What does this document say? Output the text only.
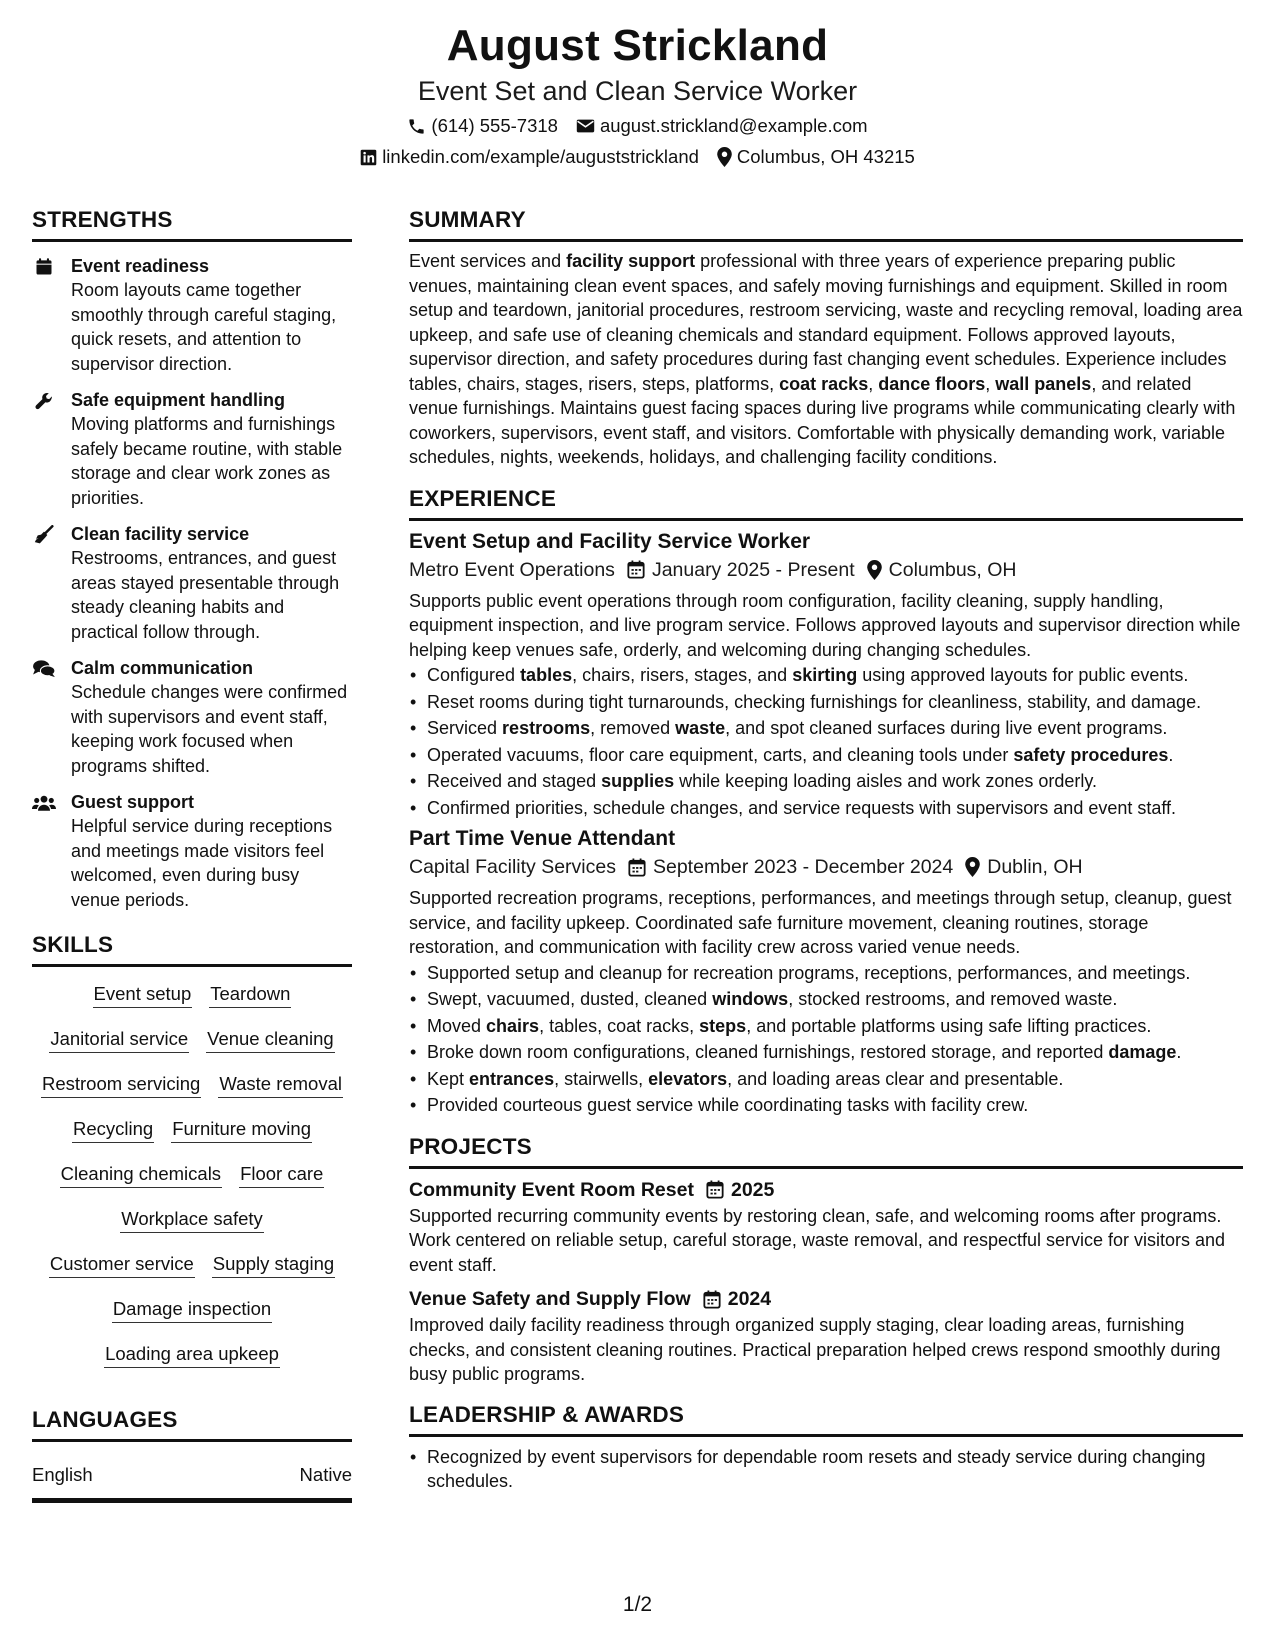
August Strickland
Event Set and Clean Service Worker
(614) 555-7318 august.strickland@example.com
linkedin.com/example/auguststrickland Columbus, OH 43215
STRENGTHS
Event readiness
Room layouts came together smoothly through careful staging, quick resets, and attention to supervisor direction.
Safe equipment handling
Moving platforms and furnishings safely became routine, with stable storage and clear work zones as priorities.
Clean facility service
Restrooms, entrances, and guest areas stayed presentable through steady cleaning habits and practical follow through.
Calm communication
Schedule changes were confirmed with supervisors and event staff, keeping work focused when programs shifted.
Guest support
Helpful service during receptions and meetings made visitors feel welcomed, even during busy venue periods.
SKILLS
Event setup Teardown
Janitorial service Venue cleaning
Restroom servicing Waste removal
Recycling Furniture moving
Cleaning chemicals Floor care
Workplace safety
Customer service Supply staging
Damage inspection
Loading area upkeep
LANGUAGES
English	Native
SUMMARY
Event services and facility support professional with three years of experience preparing public venues, maintaining clean event spaces, and safely moving furnishings and equipment. Skilled in room setup and teardown, janitorial procedures, restroom servicing, waste and recycling removal, loading area upkeep, and safe use of cleaning chemicals and standard equipment. Follows approved layouts, supervisor direction, and safety procedures during fast changing event schedules. Experience includes tables, chairs, stages, risers, steps, platforms, coat racks, dance floors, wall panels, and related venue furnishings. Maintains guest facing spaces during live programs while communicating clearly with coworkers, supervisors, event staff, and visitors. Comfortable with physically demanding work, variable schedules, nights, weekends, holidays, and challenging facility conditions.
EXPERIENCE
Event Setup and Facility Service Worker
Metro Event Operations January 2025 - Present Columbus, OH
Supports public event operations through room configuration, facility cleaning, supply handling, equipment inspection, and live program service. Follows approved layouts and supervisor direction while helping keep venues safe, orderly, and welcoming during changing schedules.
• Configured tables, chairs, risers, stages, and skirting using approved layouts for public events.
• Reset rooms during tight turnarounds, checking furnishings for cleanliness, stability, and damage.
• Serviced restrooms, removed waste, and spot cleaned surfaces during live event programs.
• Operated vacuums, floor care equipment, carts, and cleaning tools under safety procedures.
• Received and staged supplies while keeping loading aisles and work zones orderly.
• Confirmed priorities, schedule changes, and service requests with supervisors and event staff.
Part Time Venue Attendant
Capital Facility Services September 2023 - December 2024 Dublin, OH
Supported recreation programs, receptions, performances, and meetings through setup, cleanup, guest service, and facility upkeep. Coordinated safe furniture movement, cleaning routines, storage restoration, and communication with facility crew across varied venue needs.
• Supported setup and cleanup for recreation programs, receptions, performances, and meetings.
• Swept, vacuumed, dusted, cleaned windows, stocked restrooms, and removed waste.
• Moved chairs, tables, coat racks, steps, and portable platforms using safe lifting practices.
• Broke down room configurations, cleaned furnishings, restored storage, and reported damage.
• Kept entrances, stairwells, elevators, and loading areas clear and presentable.
• Provided courteous guest service while coordinating tasks with facility crew.
PROJECTS
Community Event Room Reset 2025
Supported recurring community events by restoring clean, safe, and welcoming rooms after programs. Work centered on reliable setup, careful storage, waste removal, and respectful service for visitors and event staff.
Venue Safety and Supply Flow 2024
Improved daily facility readiness through organized supply staging, clear loading areas, furnishing checks, and consistent cleaning routines. Practical preparation helped crews respond smoothly during busy public programs.
LEADERSHIP & AWARDS
• Recognized by event supervisors for dependable room resets and steady service during changing schedules.
1/2
